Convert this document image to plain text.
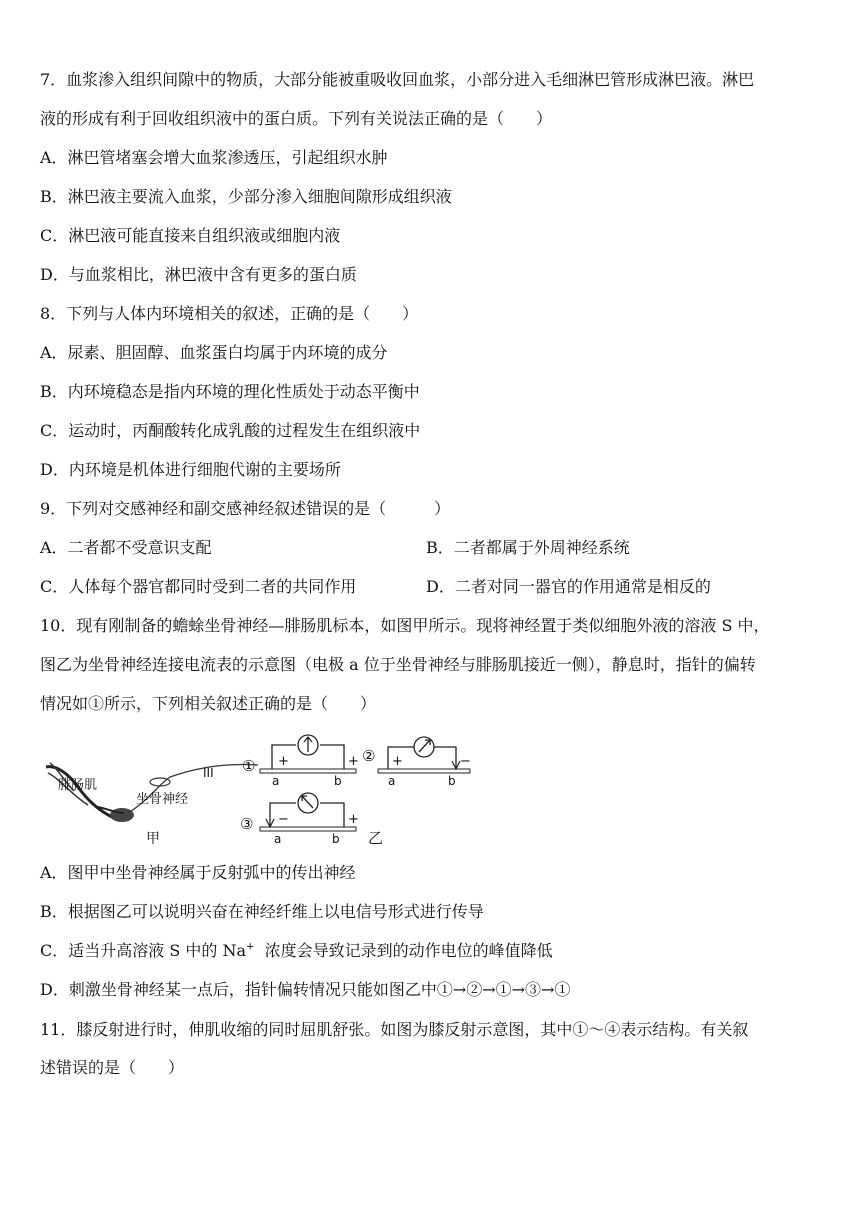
7．血浆渗入组织间隙中的物质，大部分能被重吸收回血浆，小部分进入毛细淋巴管形成淋巴液。淋巴
液的形成有利于回收组织液中的蛋白质。下列有关说法正确的是（　　）
A．淋巴管堵塞会增大血浆渗透压，引起组织水肿
B．淋巴液主要流入血浆，少部分渗入细胞间隙形成组织液
C．淋巴液可能直接来自组织液或细胞内液
D．与血浆相比，淋巴液中含有更多的蛋白质
8．下列与人体内环境相关的叙述，正确的是（　　）
A．尿素、胆固醇、血浆蛋白均属于内环境的成分
B．内环境稳态是指内环境的理化性质处于动态平衡中
C．运动时，丙酮酸转化成乳酸的过程发生在组织液中
D．内环境是机体进行细胞代谢的主要场所
9．下列对交感神经和副交感神经叙述错误的是（　　　）
A．二者都不受意识支配	B．二者都属于外周神经系统
C．人体每个器官都同时受到二者的共同作用	D．二者对同一器官的作用通常是相反的
10．现有刚制备的蟾蜍坐骨神经—腓肠肌标本，如图甲所示。现将神经置于类似细胞外液的溶液 S 中，
图乙为坐骨神经连接电流表的示意图（电极 a 位于坐骨神经与腓肠肌接近一侧），静息时，指针的偏转
情况如①所示，下列相关叙述正确的是（　　）
腓肠肌
坐骨神经
III
甲
① +	+
a	b
② +	−
a	b
③ −	+
a	b 乙
A．图甲中坐骨神经属于反射弧中的传出神经
B．根据图乙可以说明兴奋在神经纤维上以电信号形式进行传导
C．适当升高溶液 S 中的 Na+  浓度会导致记录到的动作电位的峰值降低
D．刺激坐骨神经某一点后，指针偏转情况只能如图乙中①→②→①→③→①
11．膝反射进行时，伸肌收缩的同时屈肌舒张。如图为膝反射示意图，其中①～④表示结构。有关叙
述错误的是（　　）
